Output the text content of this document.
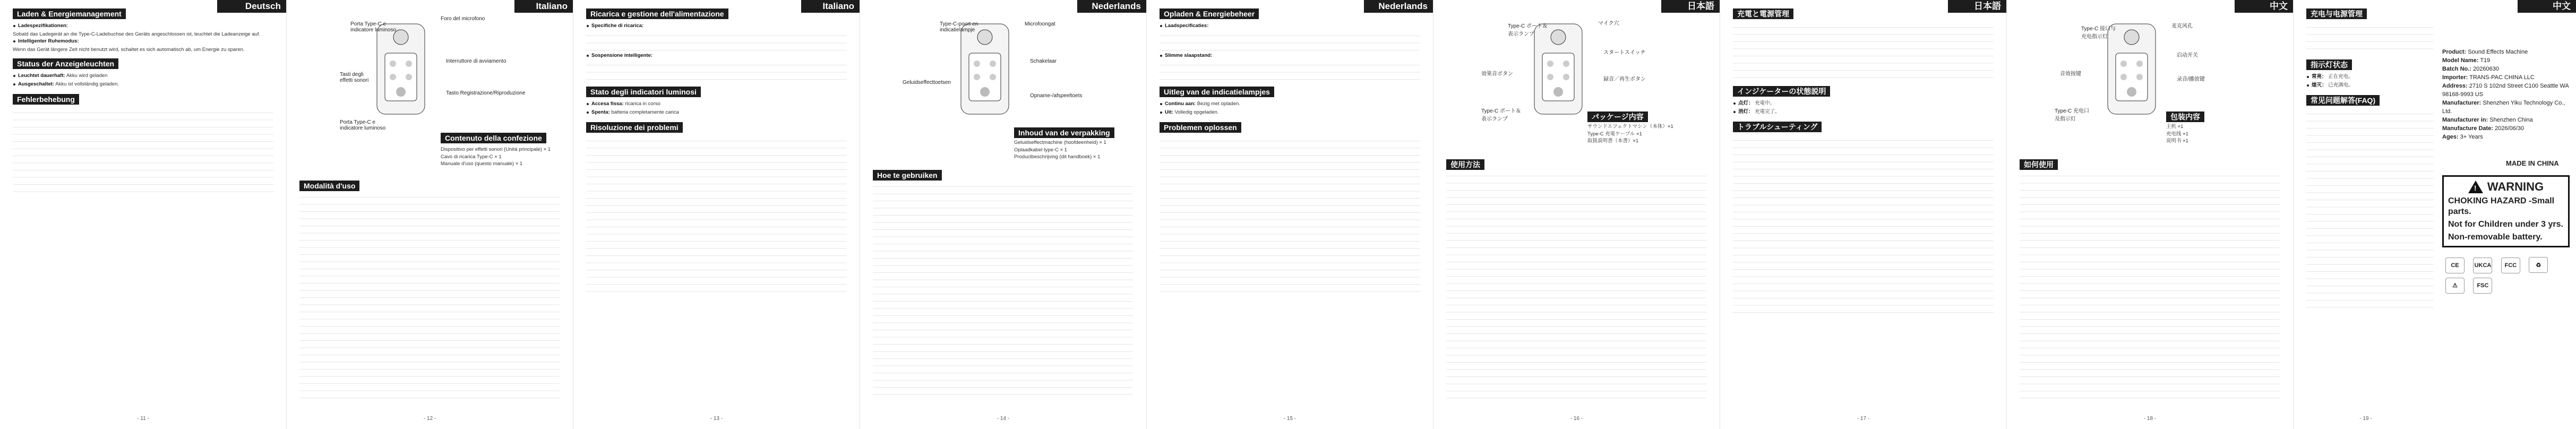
Deutsch
Laden & Energiemanagement
Ladespezifikationen:
Sobald das Ladegerät an die Type-C-Ladebuchse des Geräts angeschlossen ist, leuchtet die Ladeanzeige auf.
Intelligenter Ruhemodus:
Wenn das Gerät längere Zeit nicht benutzt wird, schaltet es sich automatisch ab, um Energie zu sparen.
Status der Anzeigeleuchten
Leuchtet dauerhaft: Akku wird geladen
Ausgeschaltet: Akku ist vollständig geladen.
Fehlerbehebung
- 11 -
Italiano
Porta Type-C e indicatore luminoso
Foro del microfono
Interruttore di avviamento
Tasti degli effetti sonori
Tasto Registrazione/Riproduzione
Porta Type-C e indicatore luminoso
Contenuto della confezione
Dispositivo per effetti sonori (Unità principale) × 1
Cavo di ricarica Type-C × 1
Manuale d'uso (questo manuale) × 1
Modalità d'uso
- 12 -
Italiano
Ricarica e gestione dell'alimentazione
Specifiche di ricarica:
Sospensione intelligente:
Stato degli indicatori luminosi
Accesa fissa: ricarica in corso
Spenta: batteria completamente carica
Risoluzione dei problemi
- 13 -
Nederlands
Type-C-poort en indicatielampje
Microfoongat
Schakelaar
Geluidseffecttoetsen
Opname-/afspeeltoets
Inhoud van de verpakking
Geluidseffectmachine (hoofdeenheid) × 1
Oplaadkabel type-C × 1
Productbeschrijving (dit handboek) × 1
Hoe te gebruiken
- 14 -
Nederlands
Opladen & Energiebeheer
Laadspecificaties:
Slimme slaapstand:
Uitleg van de indicatielampjes
Continu aan: Bezig met opladen.
Uit: Volledig opgeladen.
Problemen oplossen
- 15 -
日本語
Type-C ポート＆表示ランプ
マイク穴
スタートスイッチ
効果音ボタン
録音／再生ボタン
Type-C ポート＆表示ランプ	パッケージ内容
サウンドエフェクトマシン（本体）×1
Type-C 充電ケーブル ×1
取扱説明書（本書）×1
使用方法
- 16 -
日本語
充電と電源管理
インジケーターの状態説明
点灯： 充電中。
消灯： 充電完了。
トラブルシューティング
- 17 -
中文
Type-C 接口与充电指示灯
麦克风孔
启动开关
音效按键
录音/播放键
Type-C 充电口及指示灯	包装内容
主机 ×1
充电线 ×1
说明书 ×1
如何使用
- 18 -
中文
充电与电源管理
指示灯状态
常亮： 正在充电。
熄灭： 已充满电。
常见问题解答(FAQ)
- 19 -
Product: Sound Effects Machine
Model Name: T19
Batch No.: 20260630
Importer: TRANS-PAC CHINA LLC
Address: 2710 S 102nd Street C100 Seattle WA 98168-9993 US
Manufacturer: Shenzhen Yiku Technology Co., Ltd.
Manufacturer in: Shenzhen China
Manufacture Date: 2026/06/30
Ages: 3+ Years
MADE IN CHINA
! WARNING
CHOKING HAZARD -Small parts.
Not for Children under 3 yrs.
Non-removable battery.
CE	UKCA FCC	♻ ⚠	FSC
